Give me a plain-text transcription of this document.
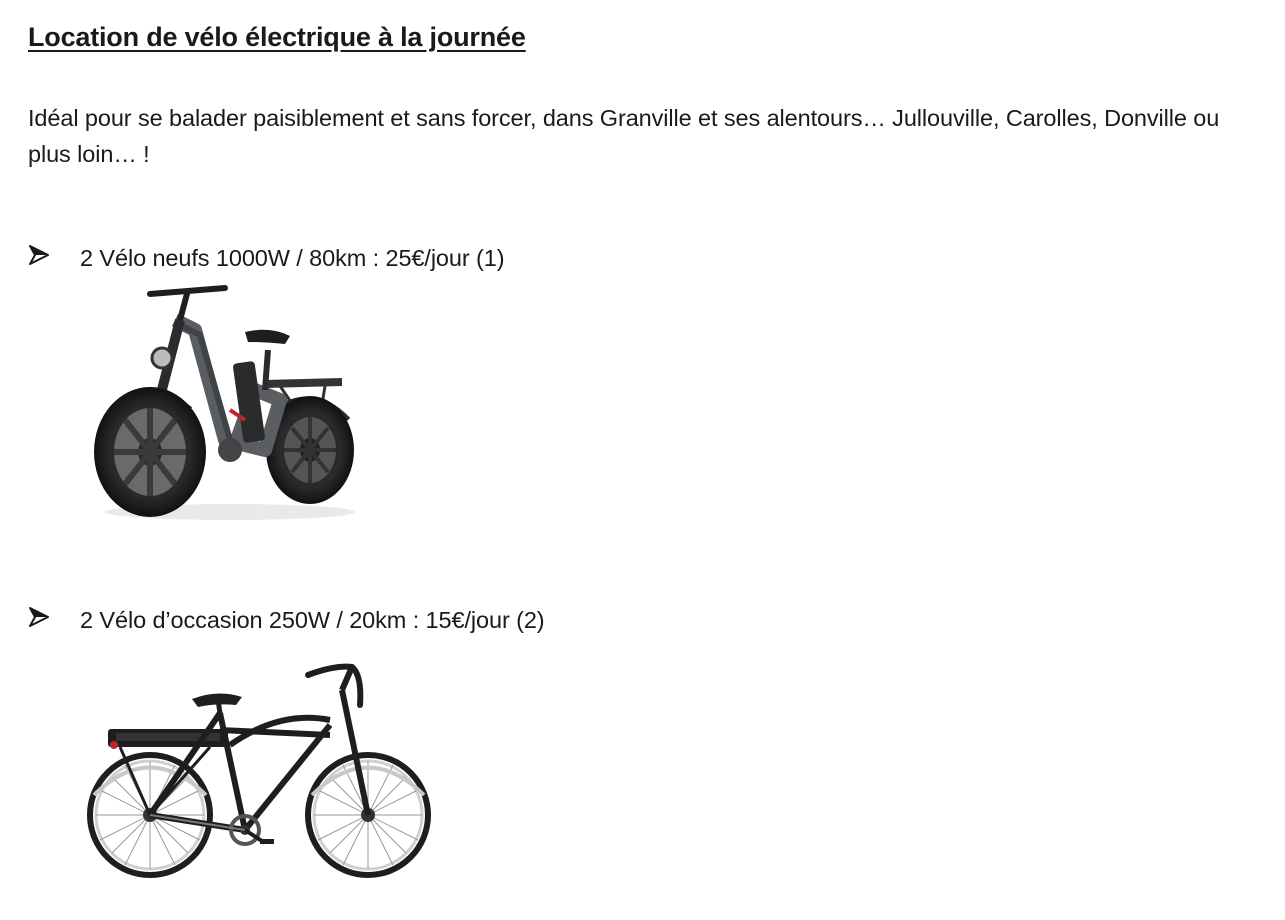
Location de vélo électrique à la journée
Idéal pour se balader paisiblement et sans forcer, dans Granville et ses alentours… Jullouville, Carolles, Donville ou plus loin… !
2 Vélo neufs 1000W / 80km : 25€/jour (1)
2 Vélo d’occasion 250W / 20km : 15€/jour (2)
